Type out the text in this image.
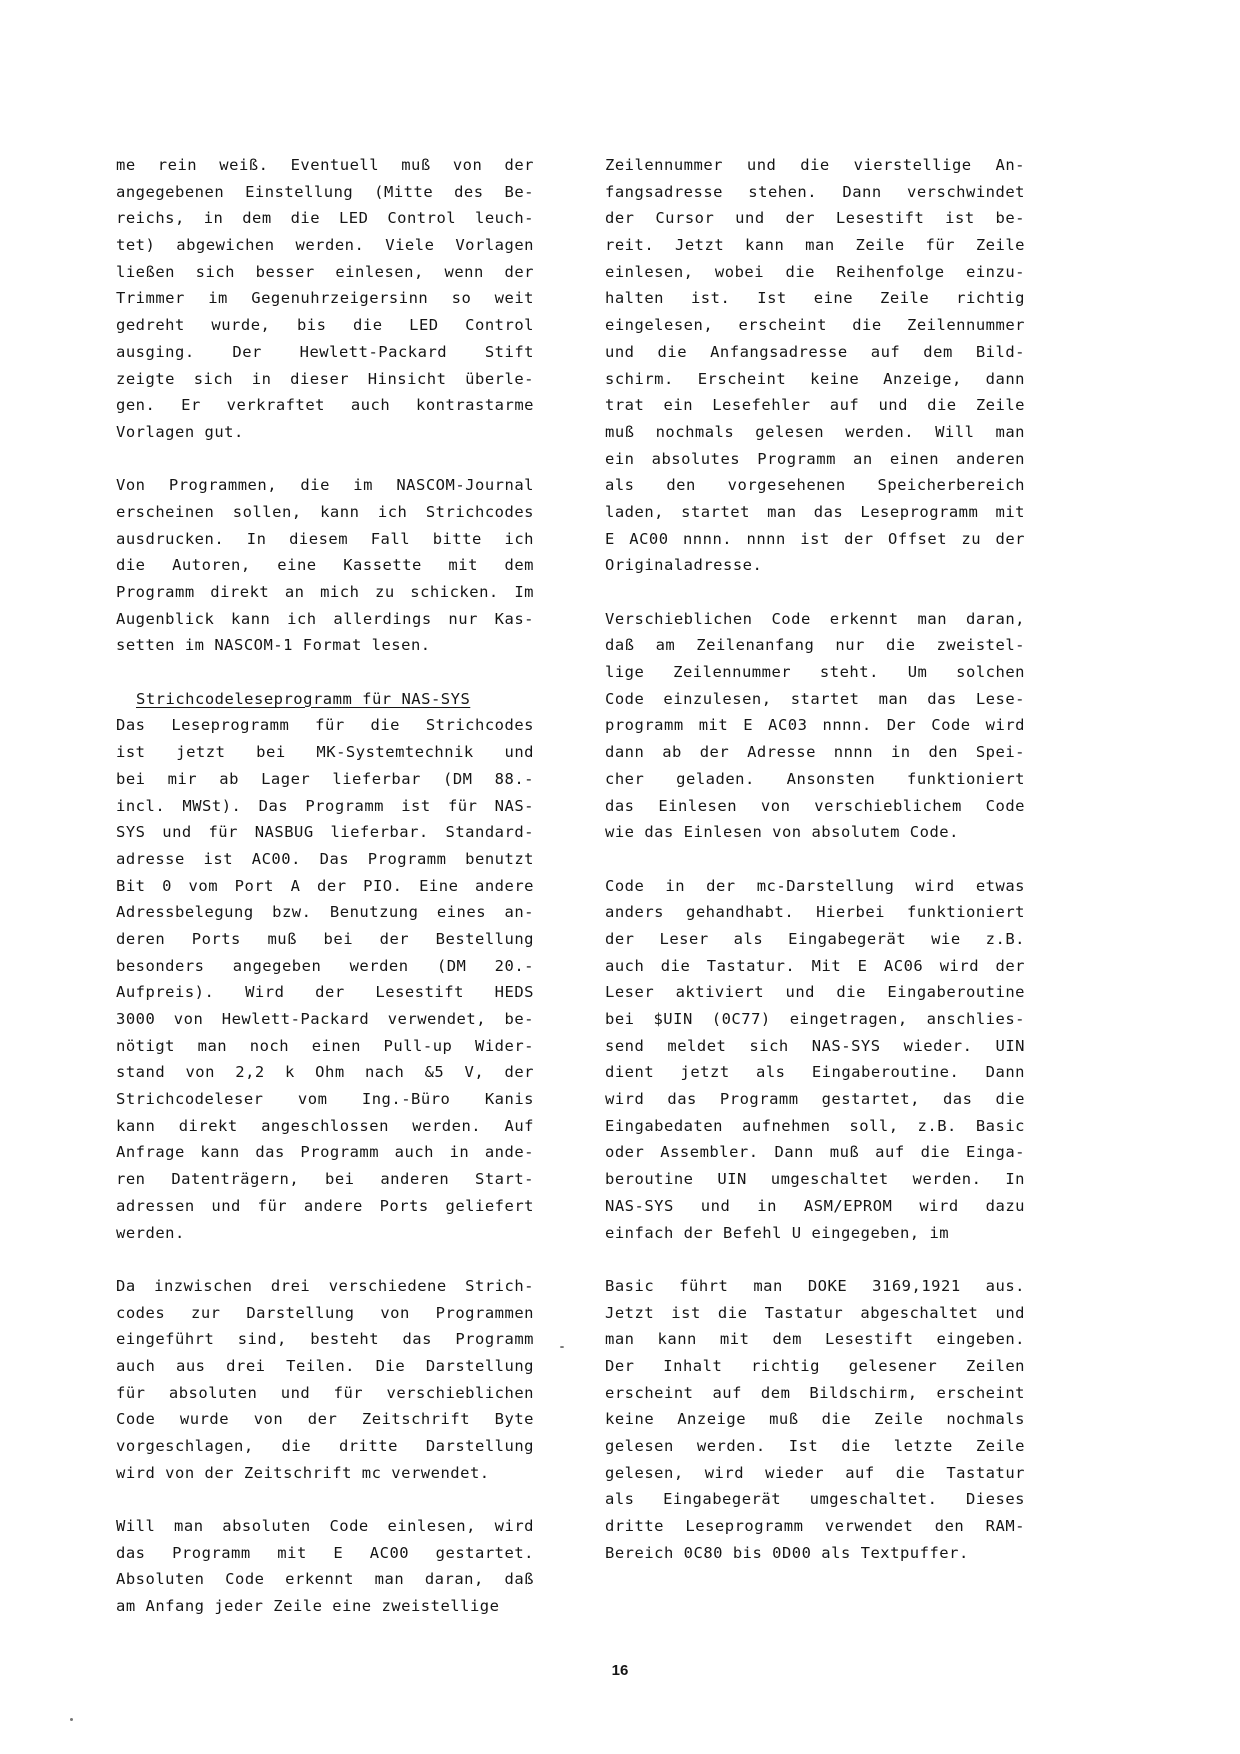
me rein weiß. Eventuell muß von der
angegebenen Einstellung (Mitte des Be-
reichs, in dem die LED Control leuch-
tet) abgewichen werden. Viele Vorlagen
ließen sich besser einlesen, wenn der
Trimmer im Gegenuhrzeigersinn so weit
gedreht wurde, bis die LED Control
ausging. Der Hewlett-Packard Stift
zeigte sich in dieser Hinsicht überle-
gen. Er verkraftet auch kontrastarme
Vorlagen gut.
Von Programmen, die im NASCOM-Journal
erscheinen sollen, kann ich Strichcodes
ausdrucken. In diesem Fall bitte ich
die Autoren, eine Kassette mit dem
Programm direkt an mich zu schicken. Im
Augenblick kann ich allerdings nur Kas-
setten im NASCOM-1 Format lesen.
Strichcodeleseprogramm für NAS-SYS
Das Leseprogramm für die Strichcodes
ist jetzt bei MK-Systemtechnik und
bei mir ab Lager lieferbar (DM 88.-
incl. MWSt). Das Programm ist für NAS-
SYS und für NASBUG lieferbar. Standard-
adresse ist AC00. Das Programm benutzt
Bit 0 vom Port A der PIO. Eine andere
Adressbelegung bzw. Benutzung eines an-
deren Ports muß bei der Bestellung
besonders angegeben werden (DM 20.-
Aufpreis). Wird der Lesestift HEDS
3000 von Hewlett-Packard verwendet, be-
nötigt man noch einen Pull-up Wider-
stand von 2,2 k Ohm nach &5 V, der
Strichcodeleser vom Ing.-Büro Kanis
kann direkt angeschlossen werden. Auf
Anfrage kann das Programm auch in ande-
ren Datenträgern, bei anderen Start-
adressen und für andere Ports geliefert
werden.
Da inzwischen drei verschiedene Strich-
codes zur Darstellung von Programmen
eingeführt sind, besteht das Programm
auch aus drei Teilen. Die Darstellung
für absoluten und für verschieblichen
Code wurde von der Zeitschrift Byte
vorgeschlagen, die dritte Darstellung
wird von der Zeitschrift mc verwendet.
Will man absoluten Code einlesen, wird
das Programm mit E AC00 gestartet.
Absoluten Code erkennt man daran, daß
am Anfang jeder Zeile eine zweistellige
Zeilennummer und die vierstellige An-
fangsadresse stehen. Dann verschwindet
der Cursor und der Lesestift ist be-
reit. Jetzt kann man Zeile für Zeile
einlesen, wobei die Reihenfolge einzu-
halten ist. Ist eine Zeile richtig
eingelesen, erscheint die Zeilennummer
und die Anfangsadresse auf dem Bild-
schirm. Erscheint keine Anzeige, dann
trat ein Lesefehler auf und die Zeile
muß nochmals gelesen werden. Will man
ein absolutes Programm an einen anderen
als den vorgesehenen Speicherbereich
laden, startet man das Leseprogramm mit
E AC00 nnnn. nnnn ist der Offset zu der
Originaladresse.
Verschieblichen Code erkennt man daran,
daß am Zeilenanfang nur die zweistel-
lige Zeilennummer steht. Um solchen
Code einzulesen, startet man das Lese-
programm mit E AC03 nnnn. Der Code wird
dann ab der Adresse nnnn in den Spei-
cher geladen. Ansonsten funktioniert
das Einlesen von verschieblichem Code
wie das Einlesen von absolutem Code.
Code in der mc-Darstellung wird etwas
anders gehandhabt. Hierbei funktioniert
der Leser als Eingabegerät wie z.B.
auch die Tastatur. Mit E AC06 wird der
Leser aktiviert und die Eingaberoutine
bei $UIN (0C77) eingetragen, anschlies-
send meldet sich NAS-SYS wieder. UIN
dient jetzt als Eingaberoutine. Dann
wird das Programm gestartet, das die
Eingabedaten aufnehmen soll, z.B. Basic
oder Assembler. Dann muß auf die Einga-
beroutine UIN umgeschaltet werden. In
NAS-SYS und in ASM/EPROM wird dazu
einfach der Befehl U eingegeben, im
Basic führt man DOKE 3169,1921 aus.
Jetzt ist die Tastatur abgeschaltet und
man kann mit dem Lesestift eingeben.
Der Inhalt richtig gelesener Zeilen
erscheint auf dem Bildschirm, erscheint
keine Anzeige muß die Zeile nochmals
gelesen werden. Ist die letzte Zeile
gelesen, wird wieder auf die Tastatur
als Eingabegerät umgeschaltet. Dieses
dritte Leseprogramm verwendet den RAM-
Bereich 0C80 bis 0D00 als Textpuffer.
16
